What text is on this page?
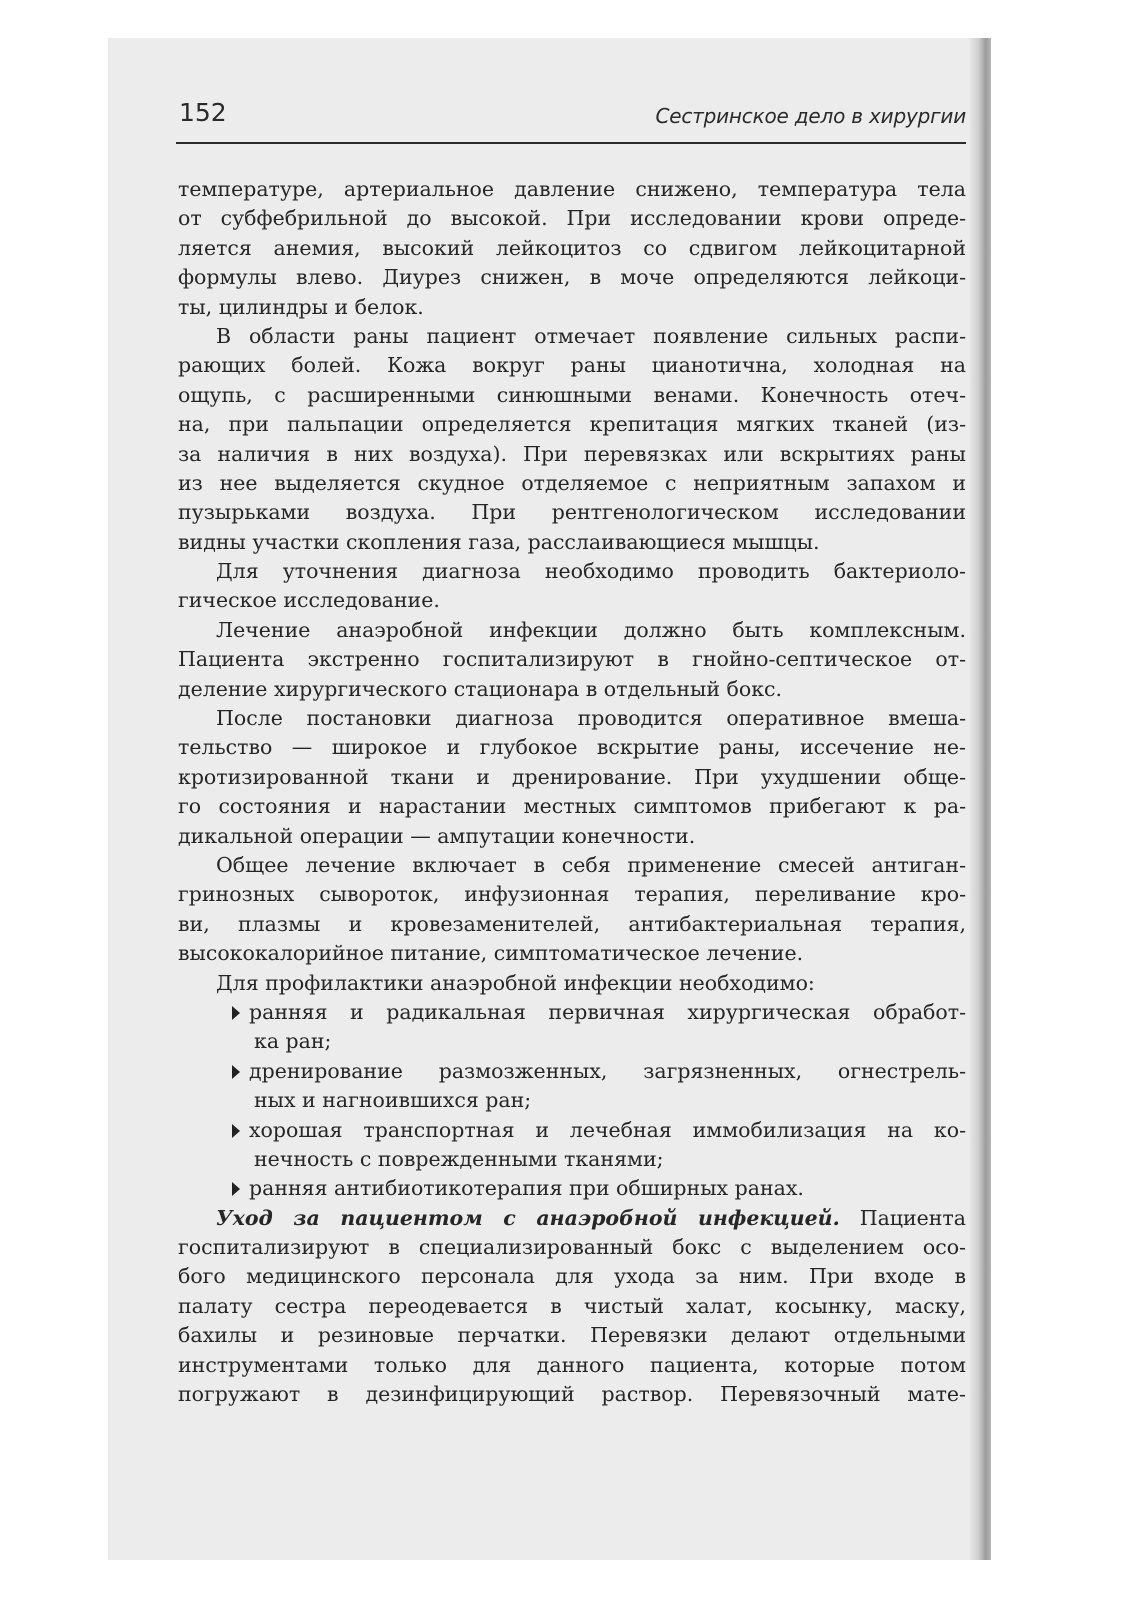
152	Сестринское дело в хирургии
температуре, артериальное давление снижено, температура тела
от субфебрильной до высокой. При исследовании крови опреде-
ляется анемия, высокий лейкоцитоз со сдвигом лейкоцитарной
формулы влево. Диурез снижен, в моче определяются лейкоци-
ты, цилиндры и белок.
В области раны пациент отмечает появление сильных распи-
рающих болей. Кожа вокруг раны цианотична, холодная на
ощупь, с расширенными синюшными венами. Конечность отеч-
на, при пальпации определяется крепитация мягких тканей (из-
за наличия в них воздуха). При перевязках или вскрытиях раны
из нее выделяется скудное отделяемое с неприятным запахом и
пузырьками воздуха. При рентгенологическом исследовании
видны участки скопления газа, расслаивающиеся мышцы.
Для уточнения диагноза необходимо проводить бактериоло-
гическое исследование.
Лечение анаэробной инфекции должно быть комплексным.
Пациента экстренно госпитализируют в гнойно-септическое от-
деление хирургического стационара в отдельный бокс.
После постановки диагноза проводится оперативное вмеша-
тельство — широкое и глубокое вскрытие раны, иссечение не-
кротизированной ткани и дренирование. При ухудшении обще-
го состояния и нарастании местных симптомов прибегают к ра-
дикальной операции — ампутации конечности.
Общее лечение включает в себя применение смесей антиган-
гринозных сывороток, инфузионная терапия, переливание кро-
ви, плазмы и кровезаменителей, антибактериальная терапия,
высококалорийное питание, симптоматическое лечение.
Для профилактики анаэробной инфекции необходимо:
ранняя и радикальная первичная хирургическая обработ-
ка ран;
дренирование размозженных, загрязненных, огнестрель-
ных и нагноившихся ран;
хорошая транспортная и лечебная иммобилизация на ко-
нечность с поврежденными тканями;
ранняя антибиотикотерапия при обширных ранах.
Уход за пациентом с анаэробной инфекцией. Пациента
госпитализируют в специализированный бокс с выделением осо-
бого медицинского персонала для ухода за ним. При входе в
палату сестра переодевается в чистый халат, косынку, маску,
бахилы и резиновые перчатки. Перевязки делают отдельными
инструментами только для данного пациента, которые потом
погружают в дезинфицирующий раствор. Перевязочный мате-
